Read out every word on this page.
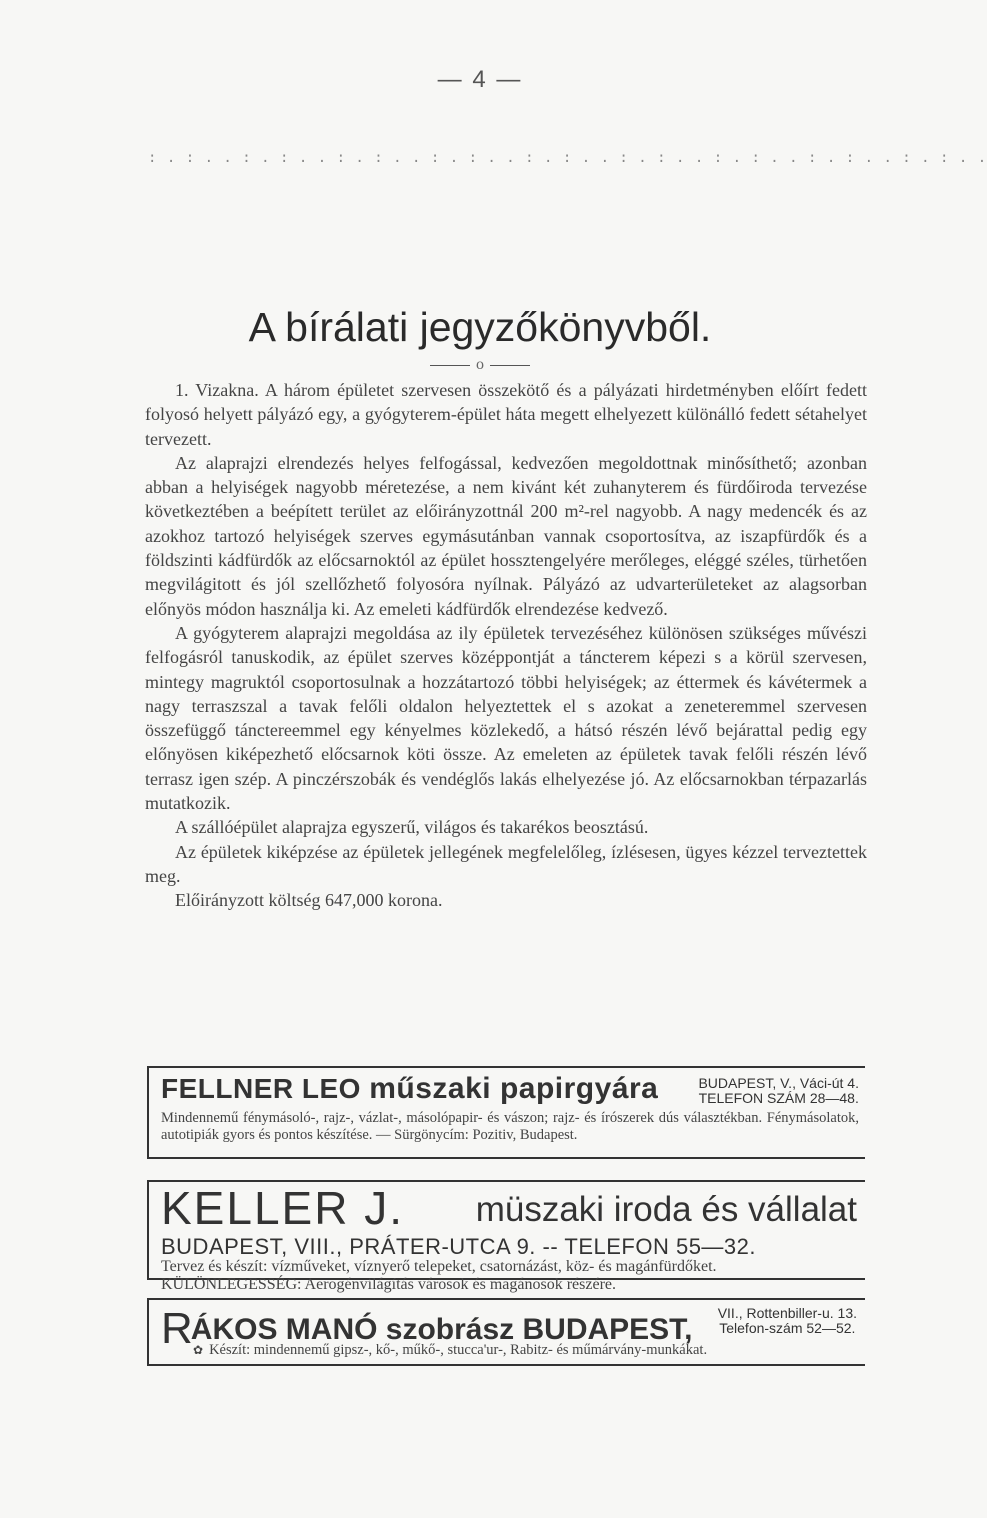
— 4 —
: . : . . : . : . . : . : . . : . : . . : . : . . : . : . . : . : . . : . : . . : . : . .
A bírálati jegyzőkönyvből.
o

1. Vizakna. A három épületet szervesen összekötő és a pályázati hirdetményben előírt fedett folyosó helyett pályázó egy, a gyógyterem-épület háta megett elhelyezett különálló fedett sétahelyet tervezett.

Az alaprajzi elrendezés helyes felfogással, kedvezően megoldottnak minősíthető; azonban abban a helyiségek nagyobb méretezése, a nem kivánt két zuhanyterem és fürdőiroda tervezése következtében a beépített terület az előirányzottnál 200 m²-rel nagyobb. A nagy medencék és az azokhoz tartozó helyiségek szerves egymásutánban vannak csoportosítva, az iszapfürdők és a földszinti kádfürdők az előcsarnoktól az épület hossztengelyére merőleges, eléggé széles, türhetően megvilágitott és jól szellőzhető folyosóra nyílnak. Pályázó az udvarterületeket az alagsorban előnyös módon használja ki. Az emeleti kádfürdők elrendezése kedvező.

A gyógyterem alaprajzi megoldása az ily épületek tervezéséhez különösen szükséges művészi felfogásról tanuskodik, az épület szerves középpontját a táncterem képezi s a körül szervesen, mintegy magruktól csoportosulnak a hozzátartozó többi helyiségek; az éttermek és kávétermek a nagy terraszszal a tavak felőli oldalon helyeztettek el s azokat a zeneteremmel szervesen összefüggő tánctereemmel egy kényelmes közlekedő, a hátsó részén lévő bejárattal pedig egy előnyösen kiképezhető előcsarnok köti össze. Az emeleten az épületek tavak felőli részén lévő terrasz igen szép. A pinczérszobák és vendéglős lakás elhelyezése jó. Az előcsarnokban térpazarlás mutatkozik.

A szállóépület alaprajza egyszerű, világos és takarékos beosztású.

Az épületek kiképzése az épületek jellegének megfelelőleg, ízlésesen, ügyes kézzel terveztettek meg.

Előirányzott költség 647,000 korona.

FELLNER LEO műszaki papirgyára	BUDAPEST, V., Váci-út 4.
TELEFON SZÁM 28—48.
Mindennemű fénymásoló-, rajz-, vázlat-, másolópapir- és vászon; rajz- és írószerek dús választékban. Fénymásolatok, autotipiák gyors és pontos készítése. — Sürgönycím: Pozitiv, Budapest.
KELLER J. müszaki iroda és vállalat
BUDAPEST, VIII., PRÁTER-UTCA 9. -- TELEFON 55—32.
Tervez és készít: vízműveket, víznyerő telepeket, csatornázást, köz- és magánfürdőket. KÜLÖNLEGESSÉG: Aerogénvilágítás városok és magánosok részére.
RÁKOS MANÓ szobrász BUDAPEST, VII., Rottenbiller-u. 13.
Telefon-szám 52—52.
✿ Készít: mindennemű gipsz-, kő-, műkő-, stucca'ur-, Rabitz- és műmárvány-munkákat.
